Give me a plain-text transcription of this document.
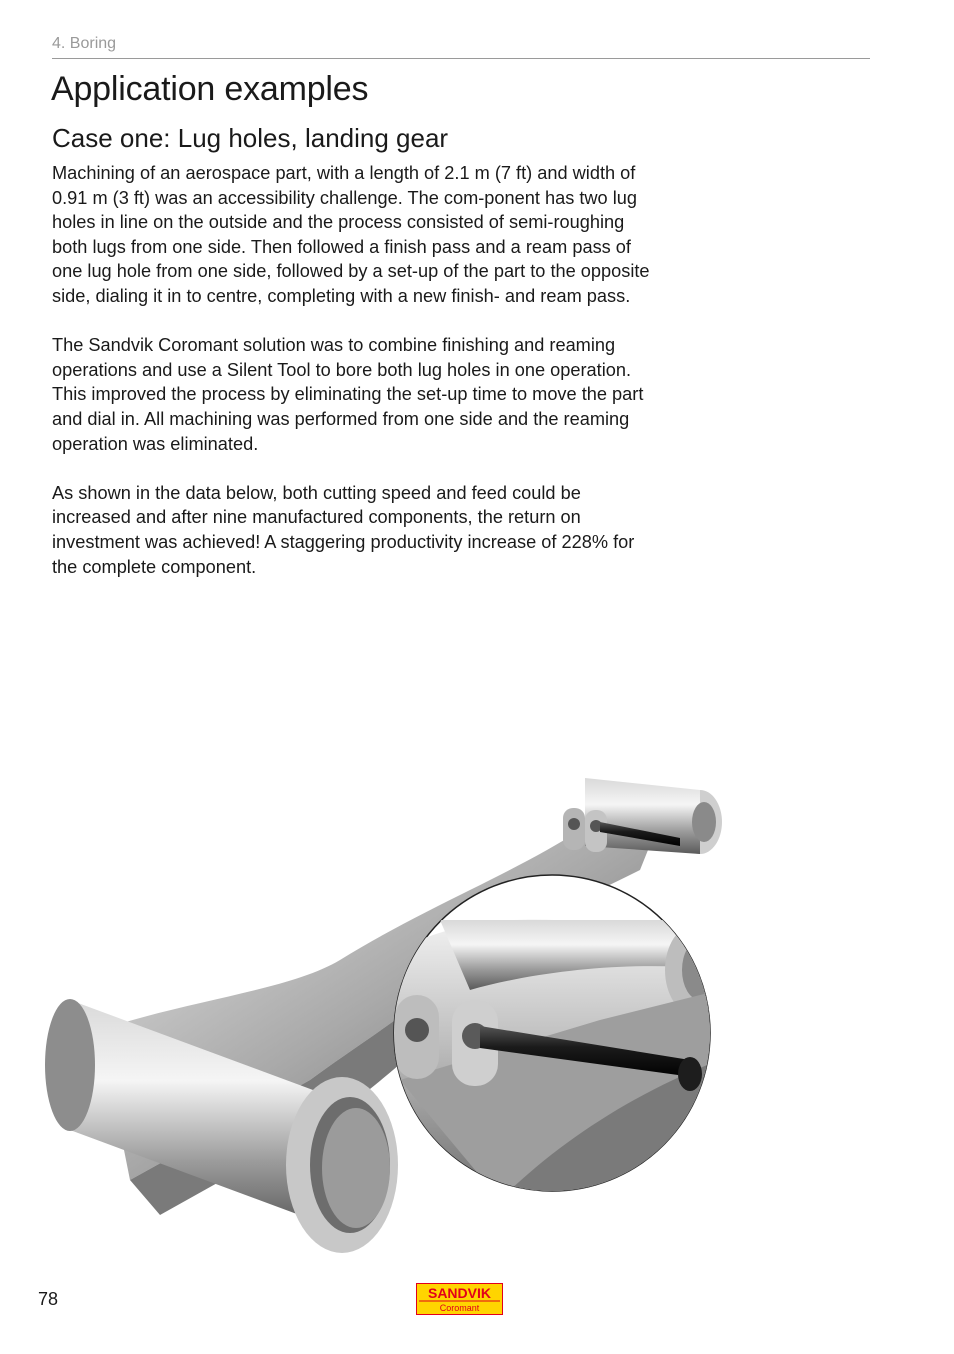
4. Boring
Application examples
Case one: Lug holes, landing gear

Machining of an aerospace part, with a length of 2.1 m (7 ft) and width of 0.91 m (3 ft) was an accessibility challenge. The com-ponent has two lug holes in line on the outside and the process consisted of semi-roughing both lugs from one side. Then followed a finish pass and a ream pass of one lug hole from one side, followed by a set-up of the part to the opposite side, dialing it in to centre, completing with a new finish- and ream pass.

The Sandvik Coromant solution was to combine finishing and reaming operations and use a Silent Tool to bore both lug holes in one operation. This improved the process by eliminating the set-up time to move the part and dial in. All machining was performed from one side and the reaming operation was eliminated.

As shown in the data below, both cutting speed and feed could be increased and after nine manufactured components, the return on investment was achieved! A staggering productivity increase of 228% for the complete component.

78	SANDVIK
Coromant
